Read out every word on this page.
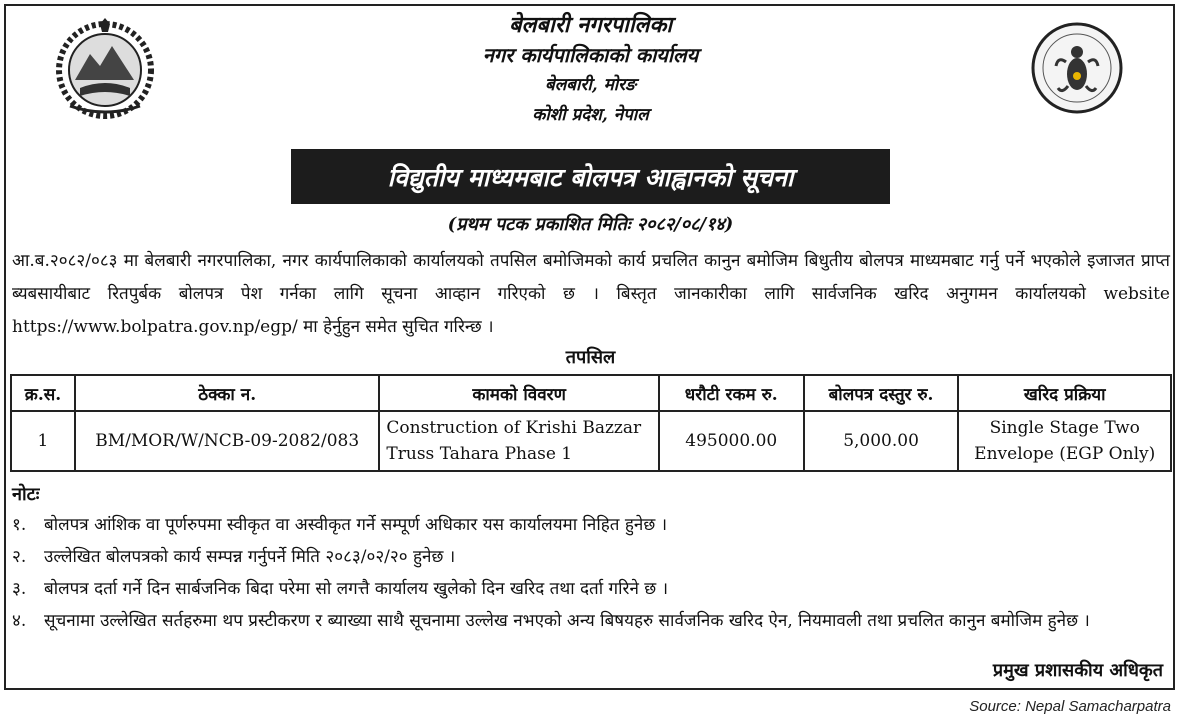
बेलबारी नगरपालिका
नगर कार्यपालिकाको कार्यालय
बेलबारी, मोरङ
कोशी प्रदेश, नेपाल
विद्युतीय माध्यमबाट बोलपत्र आह्वानको सूचना
(प्रथम पटक प्रकाशित मितिः २०८२/०८/१४)
आ.ब.२०८२/०८३ मा बेलबारी नगरपालिका, नगर कार्यपालिकाको कार्यालयको तपसिल बमोजिमको कार्य प्रचलित कानुन बमोजिम बिधुतीय बोलपत्र माध्यमबाट गर्नु पर्ने भएकोले इजाजत प्राप्त ब्यबसायीबाट रितपुर्बक बोलपत्र पेश गर्नका लागि सूचना आव्हान गरिएको छ । बिस्तृत जानकारीका लागि सार्वजनिक खरिद अनुगमन कार्यालयको website https://www.bolpatra.gov.np/egp/ मा हेर्नुहुन समेत सुचित गरिन्छ ।
तपसिल
क्र.स.	ठेक्का न.	कामको विवरण	धरौटी रकम रु.	बोलपत्र दस्तुर रु.	खरिद प्रक्रिया
1	BM/MOR/W/NCB-09-2082/083	Construction of Krishi Bazzar Truss Tahara Phase 1	495000.00	5,000.00	Single Stage Two Envelope (EGP Only)
नोटः
१.	बोलपत्र आंशिक वा पूर्णरुपमा स्वीकृत वा अस्वीकृत गर्ने सम्पूर्ण अधिकार यस कार्यालयमा निहित हुनेछ ।
२.	उल्लेखित बोलपत्रको कार्य सम्पन्न गर्नुपर्ने मिति २०८३/०२/२० हुनेछ ।
३.	बोलपत्र दर्ता गर्ने दिन सार्बजनिक बिदा परेमा सो लगत्तै कार्यालय खुलेको दिन खरिद तथा दर्ता गरिने छ ।
४.	सूचनामा उल्लेखित सर्तहरुमा थप प्रस्टीकरण र ब्याख्या साथै सूचनामा उल्लेख नभएको अन्य बिषयहरु सार्वजनिक खरिद ऐन, नियमावली तथा प्रचलित कानुन बमोजिम हुनेछ ।
प्रमुख प्रशासकीय अधिकृत
Source: Nepal Samacharpatra
